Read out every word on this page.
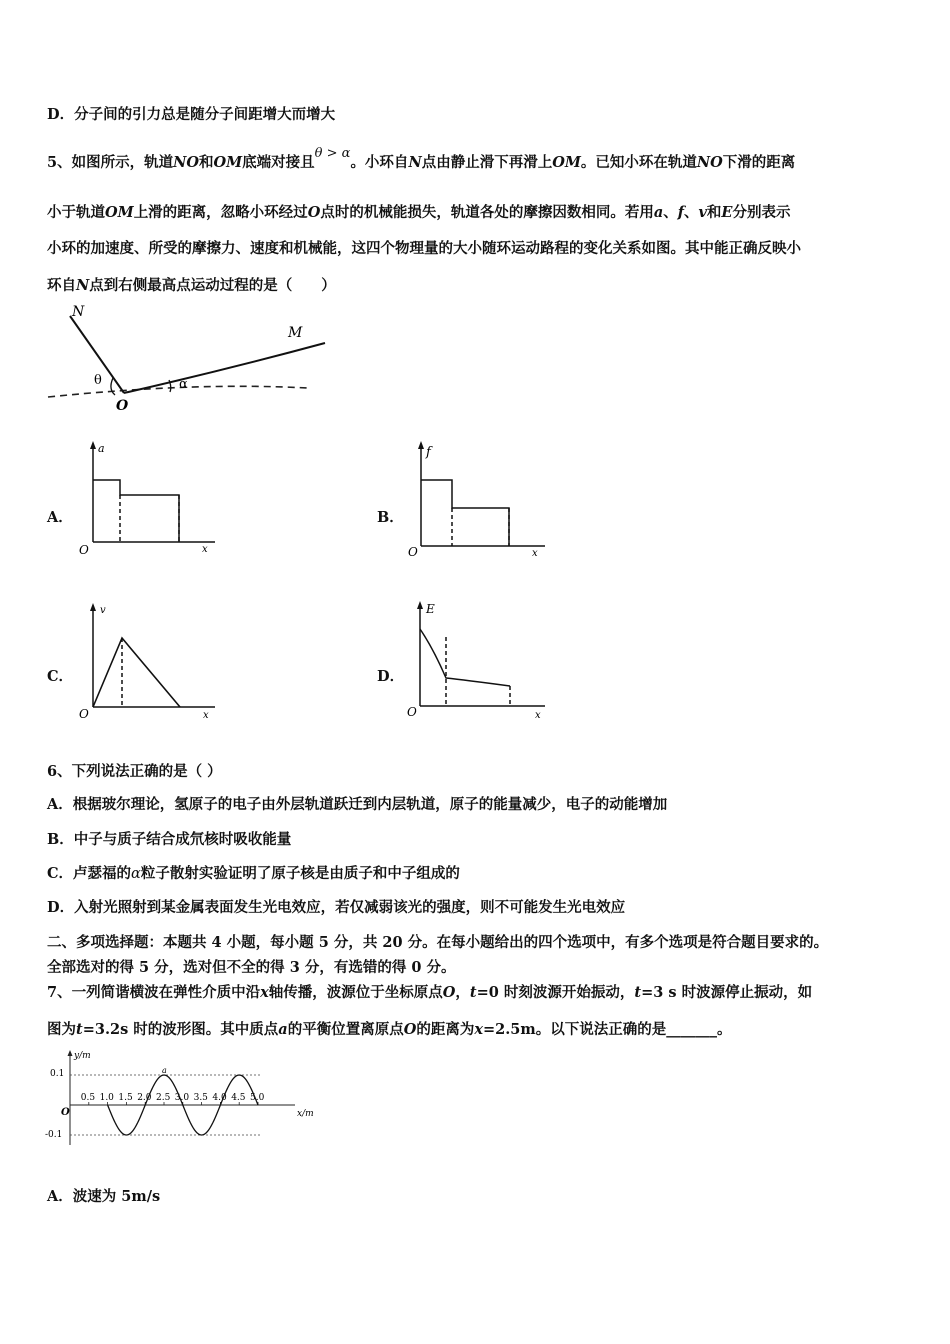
D．分子间的引力总是随分子间距增大而增大
5、如图所示，轨道NO和OM底端对接且θ > α。小环自N点由静止滑下再滑上OM。已知小环在轨道NO下滑的距离
小于轨道OM上滑的距离，忽略小环经过O点时的机械能损失，轨道各处的摩擦因数相同。若用a、f、v和E分别表示
小环的加速度、所受的摩擦力、速度和机械能，这四个物理量的大小随环运动路程的变化关系如图。其中能正确反映小
环自N点到右侧最高点运动过程的是（　　）
N
M
O
θ	α
A．	B．
C．	D．
a
O	x
f
O	x
v
O	x
E
O	x
6、下列说法正确的是（ ）
A．根据玻尔理论，氢原子的电子由外层轨道跃迁到内层轨道，原子的能量减少，电子的动能增加
B．中子与质子结合成氘核时吸收能量
C．卢瑟福的α粒子散射实验证明了原子核是由质子和中子组成的
D．入射光照射到某金属表面发生光电效应，若仅减弱该光的强度，则不可能发生光电效应
二、多项选择题：本题共 4 小题，每小题 5 分，共 20 分。在每小题给出的四个选项中，有多个选项是符合题目要求的。
全部选对的得 5 分，选对但不全的得 3 分，有选错的得 0 分。
7、一列简谐横波在弹性介质中沿x轴传播，波源位于坐标原点O，t=0 时刻波源开始振动，t=3 s 时波源停止振动，如
图为t=3.2s 时的波形图。其中质点a的平衡位置离原点O的距离为x=2.5m。以下说法正确的是_______。
y/m
x/m
O
0.1
-0.1
0.5 1.0 1.5 2.0 2.5 3.0 3.5 4.0 4.5 5.0
a
A．波速为 5m/s
